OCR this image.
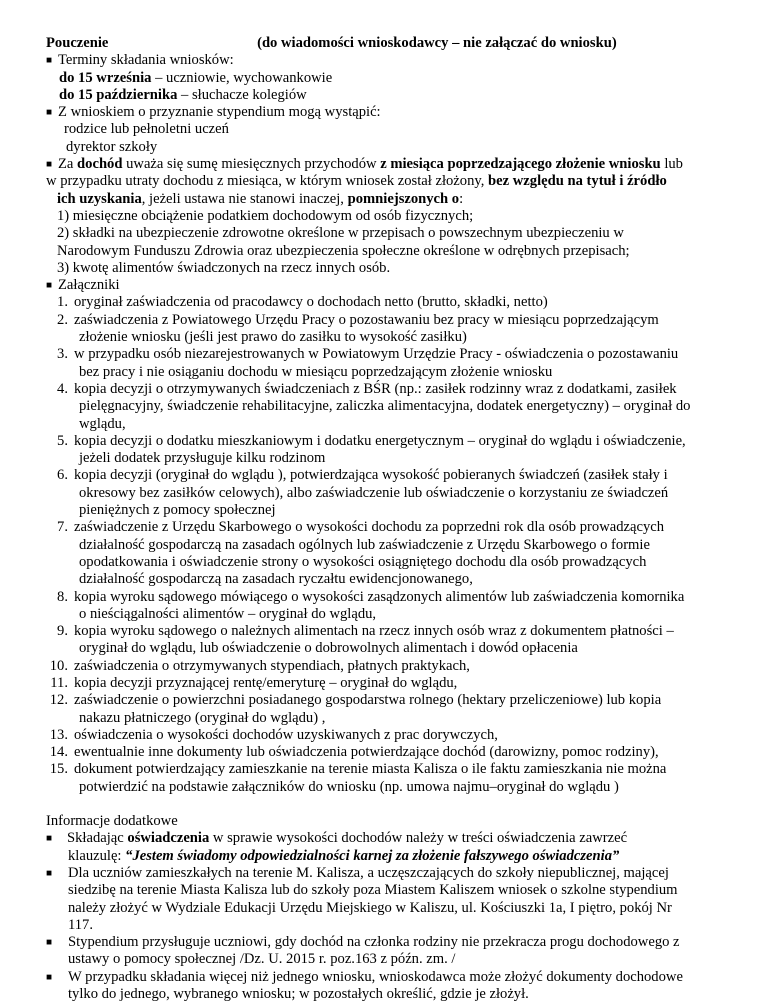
Pouczenie	(do wiadomości wnioskodawcy – nie załączać do wniosku)
■ Terminy składania wniosków:
do 15 września – uczniowie, wychowankowie
do 15 października – słuchacze kolegiów
■ Z wnioskiem o przyznanie stypendium mogą wystąpić:
rodzice lub pełnoletni uczeń
dyrektor szkoły
■ Za dochód uważa się sumę miesięcznych przychodów z miesiąca poprzedzającego złożenie wniosku lub
w przypadku utraty dochodu z miesiąca, w którym wniosek został złożony, bez względu na tytuł i źródło
ich uzyskania, jeżeli ustawa nie stanowi inaczej, pomniejszonych o:
1) miesięczne obciążenie podatkiem dochodowym od osób fizycznych;
2) składki na ubezpieczenie zdrowotne określone w przepisach o powszechnym ubezpieczeniu w
Narodowym Funduszu Zdrowia oraz ubezpieczenia społeczne określone w odrębnych przepisach;
3) kwotę alimentów świadczonych na rzecz innych osób.
■ Załączniki
1. oryginał zaświadczenia od pracodawcy o dochodach netto (brutto, składki, netto)
2. zaświadczenia z Powiatowego Urzędu Pracy o pozostawaniu bez pracy w miesiącu poprzedzającym
złożenie wniosku (jeśli jest prawo do zasiłku to wysokość zasiłku)
3. w przypadku osób niezarejestrowanych w Powiatowym Urzędzie Pracy - oświadczenia o pozostawaniu
bez pracy i nie osiąganiu dochodu w miesiącu poprzedzającym złożenie wniosku
4. kopia decyzji o otrzymywanych świadczeniach z BŚR (np.: zasiłek rodzinny wraz z dodatkami, zasiłek
pielęgnacyjny, świadczenie rehabilitacyjne, zaliczka alimentacyjna, dodatek energetyczny) – oryginał do
wglądu,
5. kopia decyzji o dodatku mieszkaniowym i dodatku energetycznym – oryginał do wglądu i oświadczenie,
jeżeli dodatek przysługuje kilku rodzinom
6. kopia decyzji (oryginał do wglądu ), potwierdzająca wysokość pobieranych świadczeń (zasiłek stały i
okresowy bez zasiłków celowych), albo zaświadczenie lub oświadczenie o korzystaniu ze świadczeń
pieniężnych z pomocy społecznej
7. zaświadczenie z Urzędu Skarbowego o wysokości dochodu za poprzedni rok dla osób prowadzących
działalność gospodarczą na zasadach ogólnych lub zaświadczenie z Urzędu Skarbowego o formie
opodatkowania i oświadczenie strony o wysokości osiągniętego dochodu dla osób prowadzących
działalność gospodarczą na zasadach ryczałtu ewidencjonowanego,
8. kopia wyroku sądowego mówiącego o wysokości zasądzonych alimentów lub zaświadczenia komornika
o nieściągalności alimentów – oryginał do wglądu,
9. kopia wyroku sądowego o należnych alimentach na rzecz innych osób wraz z dokumentem płatności –
oryginał do wglądu, lub oświadczenie o dobrowolnych alimentach i dowód opłacenia
10. zaświadczenia o otrzymywanych stypendiach, płatnych praktykach,
11. kopia decyzji przyznającej rentę/emeryturę – oryginał do wglądu,
12. zaświadczenie o powierzchni posiadanego gospodarstwa rolnego (hektary przeliczeniowe) lub kopia
nakazu płatniczego (oryginał do wglądu) ,
13. oświadczenia o wysokości dochodów uzyskiwanych z prac dorywczych,
14. ewentualnie inne dokumenty lub oświadczenia potwierdzające dochód (darowizny, pomoc rodziny),
15. dokument potwierdzający zamieszkanie na terenie miasta Kalisza o ile faktu zamieszkania nie można
potwierdzić na podstawie załączników do wniosku (np. umowa najmu–oryginał do wglądu )
Informacje dodatkowe
■ Składając oświadczenia w sprawie wysokości dochodów należy w treści oświadczenia zawrzeć
klauzulę: “Jestem świadomy odpowiedzialności karnej za złożenie fałszywego oświadczenia”
■ Dla uczniów zamieszkałych na terenie M. Kalisza, a uczęszczających do szkoły niepublicznej, mającej
siedzibę na terenie Miasta Kalisza lub do szkoły poza Miastem Kaliszem wniosek o szkolne stypendium
należy złożyć w Wydziale Edukacji Urzędu Miejskiego w Kaliszu, ul. Kościuszki 1a, I piętro, pokój Nr
117.
■ Stypendium przysługuje uczniowi, gdy dochód na członka rodziny nie przekracza progu dochodowego z
ustawy o pomocy społecznej /Dz. U. 2015 r. poz.163 z późn. zm. /
■ W przypadku składania więcej niż jednego wniosku, wnioskodawca może złożyć dokumenty dochodowe
tylko do jednego, wybranego wniosku; w pozostałych określić, gdzie je złożył.
